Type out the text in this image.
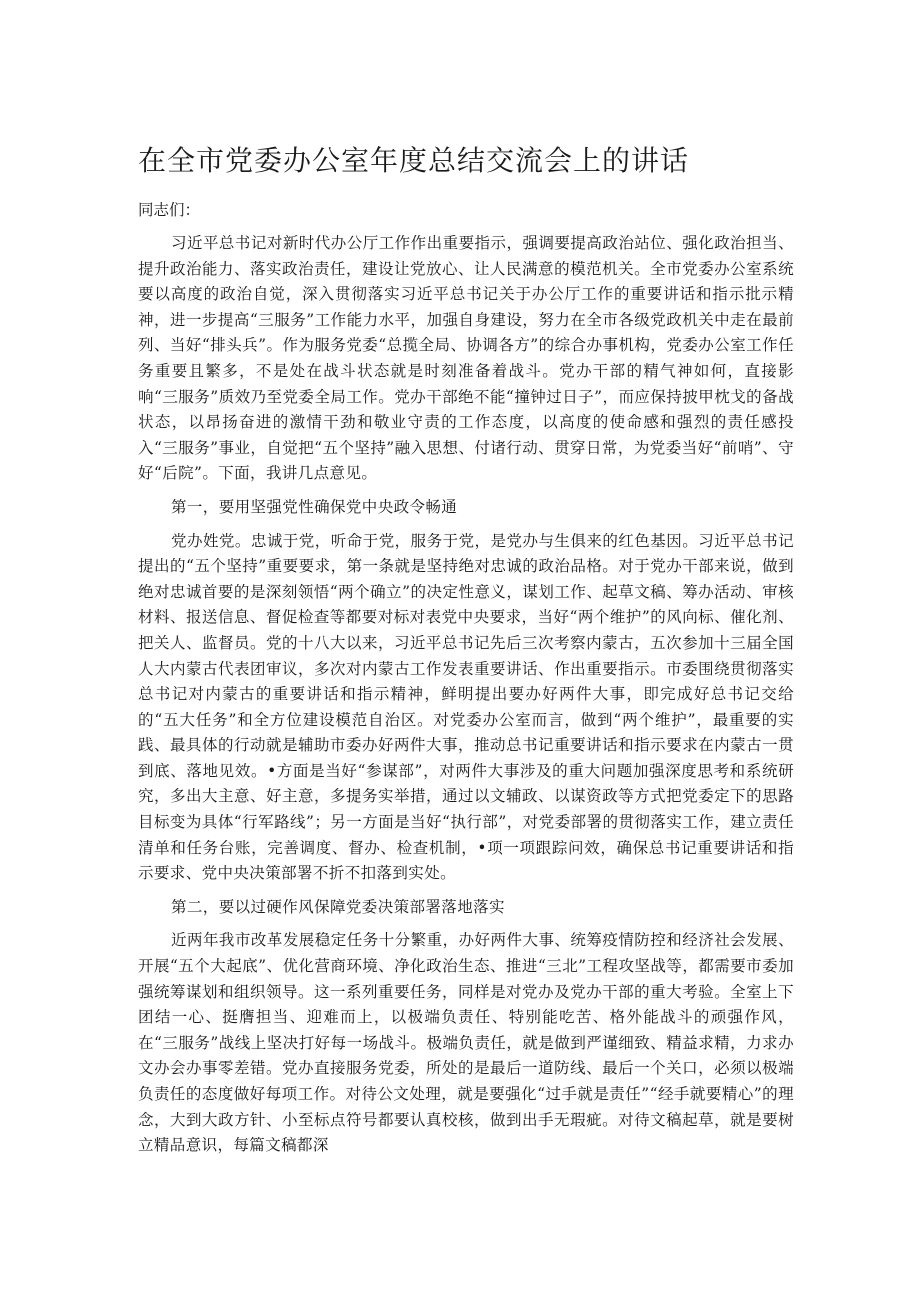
在全市党委办公室年度总结交流会上的讲话

同志们：

习近平总书记对新时代办公厅工作作出重要指示，强调要提高政治站位、强化政治担当、提升政治能力、落实政治责任，建设让党放心、让人民满意的模范机关。全市党委办公室系统要以高度的政治自觉，深入贯彻落实习近平总书记关于办公厅工作的重要讲话和指示批示精神，进一步提高“三服务”工作能力水平，加强自身建设，努力在全市各级党政机关中走在最前列、当好“排头兵”。作为服务党委“总揽全局、协调各方”的综合办事机构，党委办公室工作任务重要且繁多，不是处在战斗状态就是时刻准备着战斗。党办干部的精气神如何，直接影响“三服务”质效乃至党委全局工作。党办干部绝不能“撞钟过日子”，而应保持披甲枕戈的备战状态，以昂扬奋进的激情干劲和敬业守责的工作态度，以高度的使命感和强烈的责任感投入“三服务”事业，自觉把“五个坚持”融入思想、付诸行动、贯穿日常，为党委当好“前哨”、守好“后院”。下面，我讲几点意见。

第一，要用坚强党性确保党中央政令畅通

党办姓党。忠诚于党，听命于党，服务于党，是党办与生俱来的红色基因。习近平总书记提出的“五个坚持”重要要求，第一条就是坚持绝对忠诚的政治品格。对于党办干部来说，做到绝对忠诚首要的是深刻领悟“两个确立”的决定性意义，谋划工作、起草文稿、筹办活动、审核材料、报送信息、督促检查等都要对标对表党中央要求，当好“两个维护”的风向标、催化剂、把关人、监督员。党的十八大以来，习近平总书记先后三次考察内蒙古，五次参加十三届全国人大内蒙古代表团审议，多次对内蒙古工作发表重要讲话、作出重要指示。市委围绕贯彻落实总书记对内蒙古的重要讲话和指示精神，鲜明提出要办好两件大事，即完成好总书记交给的“五大任务”和全方位建设模范自治区。对党委办公室而言，做到“两个维护”，最重要的实践、最具体的行动就是辅助市委办好两件大事，推动总书记重要讲话和指示要求在内蒙古一贯到底、落地见效。•方面是当好“参谋部”，对两件大事涉及的重大问题加强深度思考和系统研究，多出大主意、好主意，多提务实举措，通过以文辅政、以谋资政等方式把党委定下的思路目标变为具体“行军路线”；另一方面是当好“执行部”，对党委部署的贯彻落实工作，建立责任清单和任务台账，完善调度、督办、检查机制，•项一项跟踪问效，确保总书记重要讲话和指示要求、党中央决策部署不折不扣落到实处。

第二，要以过硬作风保障党委决策部署落地落实

近两年我市改革发展稳定任务十分繁重，办好两件大事、统筹疫情防控和经济社会发展、开展“五个大起底”、优化营商环境、净化政治生态、推进“三北”工程攻坚战等，都需要市委加强统筹谋划和组织领导。这一系列重要任务，同样是对党办及党办干部的重大考验。全室上下团结一心、挺膺担当、迎难而上，以极端负责任、特别能吃苦、格外能战斗的顽强作风，在“三服务”战线上坚决打好每一场战斗。极端负责任，就是做到严谨细致、精益求精，力求办文办会办事零差错。党办直接服务党委，所处的是最后一道防线、最后一个关口，必须以极端负责任的态度做好每项工作。对待公文处理，就是要强化“过手就是责任”“经手就要精心”的理念，大到大政方针、小至标点符号都要认真校核，做到出手无瑕疵。对待文稿起草，就是要树立精品意识，每篇文稿都深
